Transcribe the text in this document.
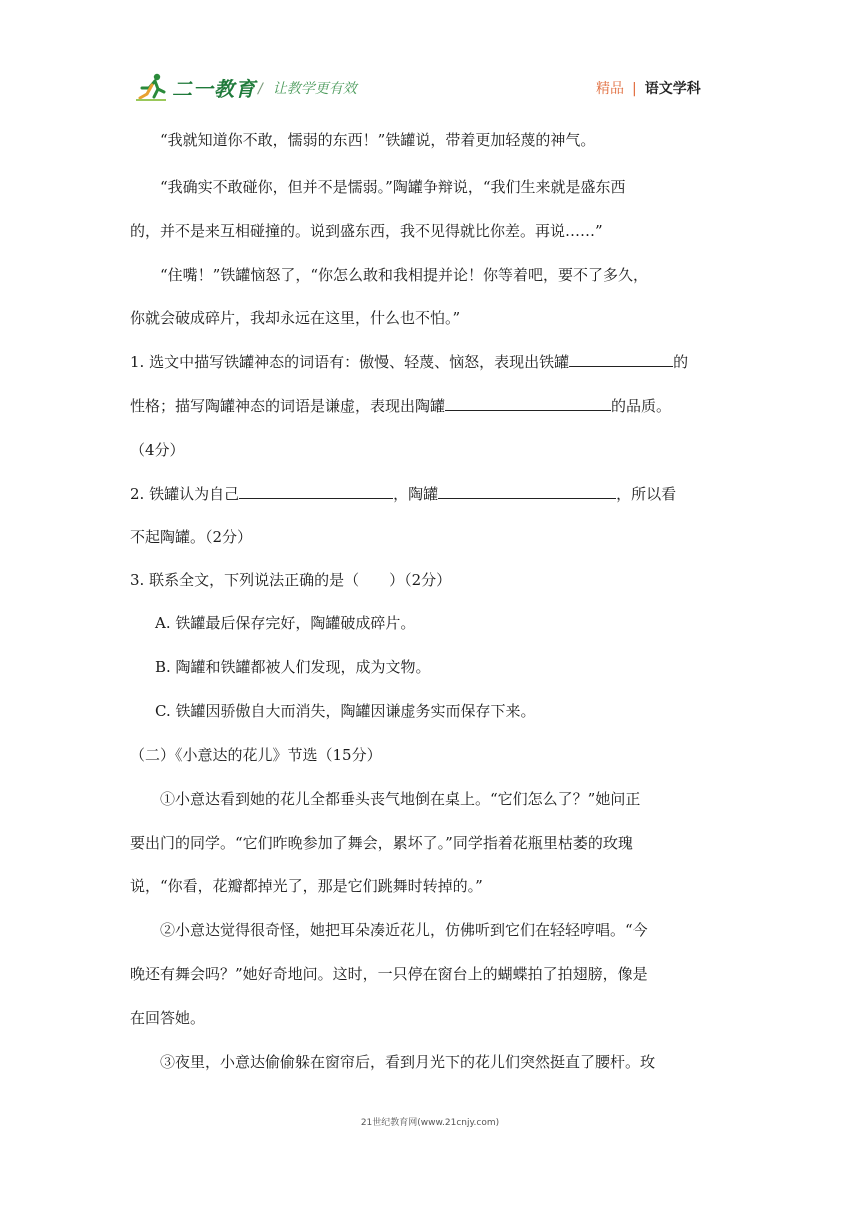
二一教育 / 让教学更有效	精品 | 语文学科
“我就知道你不敢，懦弱的东西！”铁罐说，带着更加轻蔑的神气。
“我确实不敢碰你，但并不是懦弱。”陶罐争辩说，“我们生来就是盛东西
的，并不是来互相碰撞的。说到盛东西，我不见得就比你差。再说……”
“住嘴！”铁罐恼怒了，“你怎么敢和我相提并论！你等着吧，要不了多久，
你就会破成碎片，我却永远在这里，什么也不怕。”
1. 选文中描写铁罐神态的词语有：傲慢、轻蔑、恼怒，表现出铁罐	的
性格；描写陶罐神态的词语是谦虚，表现出陶罐	的品质。
（4分）
2. 铁罐认为自己	，陶罐	，所以看
不起陶罐。（2分）
3. 联系全文，下列说法正确的是（　　）（2分）
A. 铁罐最后保存完好，陶罐破成碎片。
B. 陶罐和铁罐都被人们发现，成为文物。
C. 铁罐因骄傲自大而消失，陶罐因谦虚务实而保存下来。
（二）《小意达的花儿》节选（15分）
①小意达看到她的花儿全都垂头丧气地倒在桌上。“它们怎么了？”她问正
要出门的同学。“它们昨晚参加了舞会，累坏了。”同学指着花瓶里枯萎的玫瑰
说，“你看，花瓣都掉光了，那是它们跳舞时转掉的。”
②小意达觉得很奇怪，她把耳朵凑近花儿，仿佛听到它们在轻轻哼唱。“今
晚还有舞会吗？”她好奇地问。这时，一只停在窗台上的蝴蝶拍了拍翅膀，像是
在回答她。
③夜里，小意达偷偷躲在窗帘后，看到月光下的花儿们突然挺直了腰杆。玫
21世纪教育网(www.21cnjy.com)
